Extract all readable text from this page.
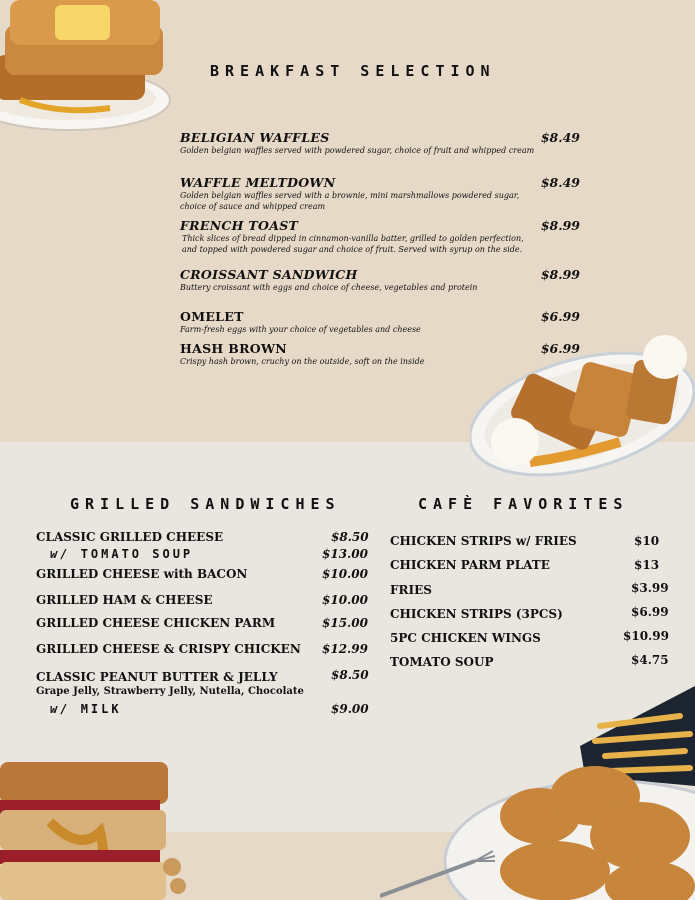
BREAKFAST SELECTION
BELIGIAN WAFFLES	$8.49
Golden belgian waffles served with powdered sugar, choice of fruit and whipped cream
WAFFLE MELTDOWN	$8.49
Golden belgian waffles served with a brownie, mini marshmallows powdered sugar, choice of sauce and whipped cream
FRENCH TOAST	$8.99
Thick slices of bread dipped in cinnamon-vanilla batter, grilled to golden perfection, and topped with powdered sugar and choice of fruit. Served with syrup on the side.
CROISSANT SANDWICH	$8.99
Buttery croissant with eggs and choice of cheese, vegetables and protein
OMELET	$6.99
Farm-fresh eggs with your choice of vegetables and cheese
HASH BROWN	$6.99
Crispy hash brown, cruchy on the outside, soft on the inside
GRILLED SANDWICHES	CAFÈ FAVORITES
CLASSIC GRILLED CHEESE	$8.50
w/ TOMATO SOUP	$13.00
GRILLED CHEESE with BACON	$10.00
GRILLED HAM & CHEESE	$10.00
GRILLED CHEESE CHICKEN PARM	$15.00
GRILLED CHEESE & CRISPY CHICKEN $12.99
CLASSIC PEANUT BUTTER & JELLY	$8.50
Grape Jelly, Strawberry Jelly, Nutella, Chocolate
w/ MILK	$9.00
CHICKEN STRIPS w/ FRIES	$10
CHICKEN PARM PLATE	$13
FRIES	$3.99
CHICKEN STRIPS (3PCS)	$6.99
5PC CHICKEN WINGS	$10.99
TOMATO SOUP	$4.75
